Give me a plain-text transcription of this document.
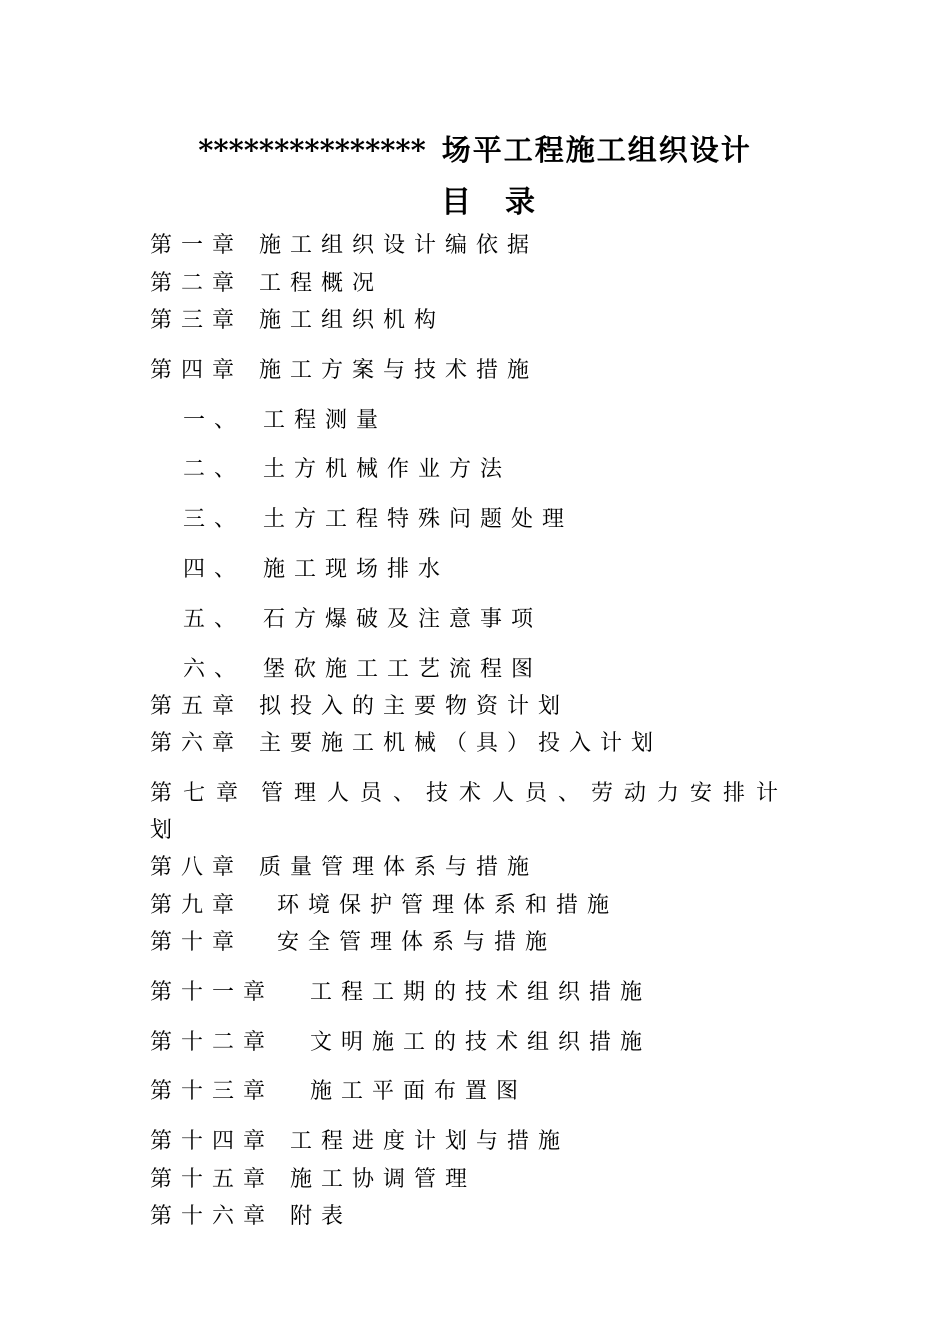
*************** 场平工程施工组织设计
目录
第一章 施工组织设计编依据
第二章 工程概况
第三章 施工组织机构
第四章 施工方案与技术措施
一、 工程测量
二、 土方机械作业方法
三、 土方工程特殊问题处理
四、 施工现场排水
五、 石方爆破及注意事项
六、 堡砍施工工艺流程图
第五章 拟投入的主要物资计划
第六章 主要施工机械（具）投入计划
第七章 管理人员、技术人员、劳动力安排计
划
第八章 质量管理体系与措施
第九章 环境保护管理体系和措施
第十章 安全管理体系与措施
第十一章 工程工期的技术组织措施
第十二章 文明施工的技术组织措施
第十三章 施工平面布置图
第十四章 工程进度计划与措施
第十五章 施工协调管理
第十六章 附表
